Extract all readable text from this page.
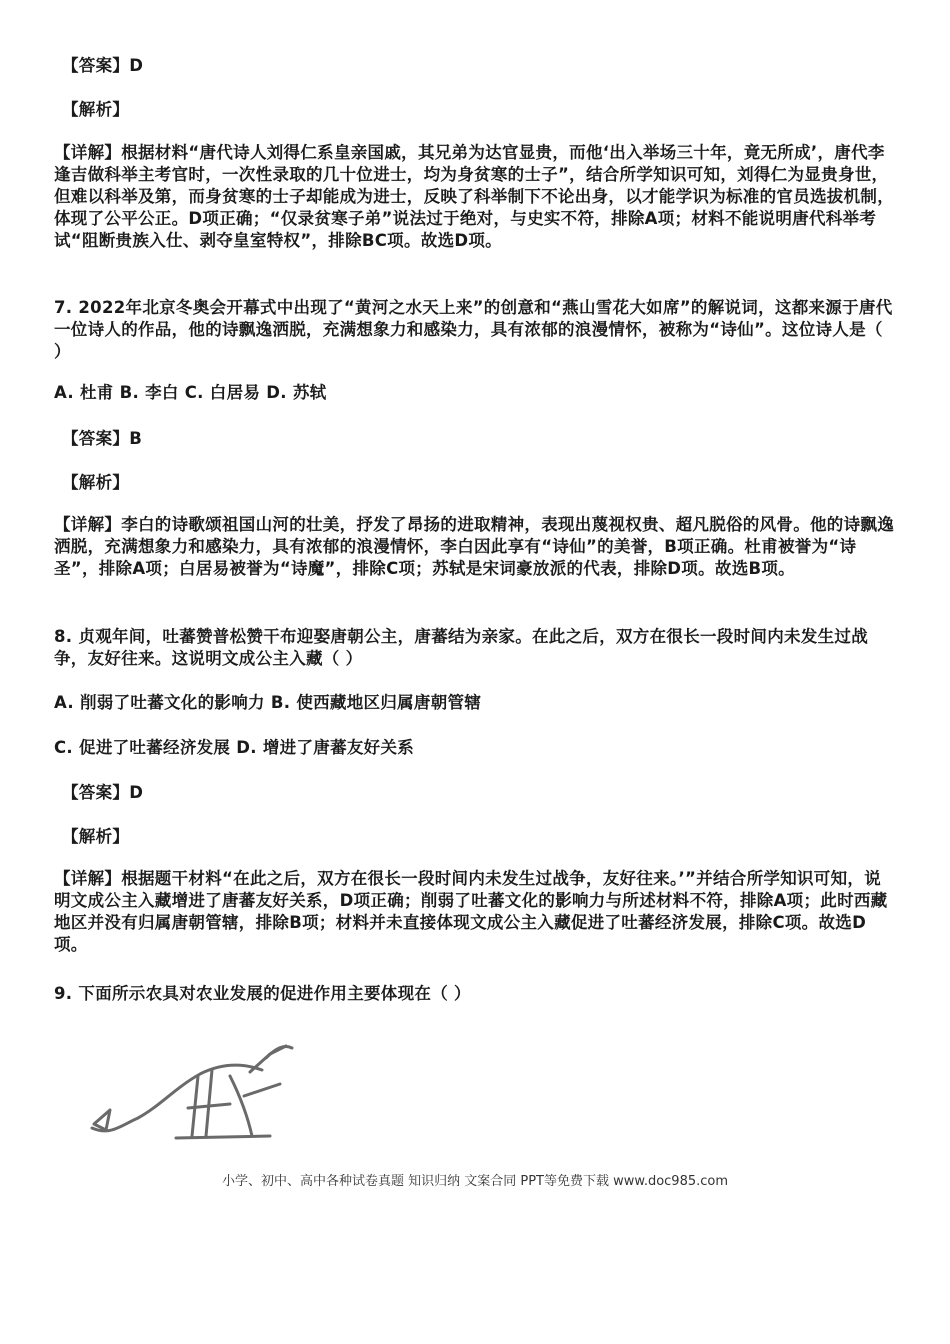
【答案】D

【解析】

【详解】根据材料“唐代诗人刘得仁系皇亲国戚，其兄弟为达官显贵，而他‘出入举场三十年，竟无所成’，唐代李逢吉做科举主考官时，一次性录取的几十位进士，均为身贫寒的士子”，结合所学知识可知，刘得仁为显贵身世，但难以科举及第，而身贫寒的士子却能成为进士，反映了科举制下不论出身，以才能学识为标准的官员选拔机制，体现了公平公正。D项正确；“仅录贫寒子弟”说法过于绝对，与史实不符，排除A项；材料不能说明唐代科举考试“阻断贵族入仕、剥夺皇室特权”，排除BC项。故选D项。

7. 2022年北京冬奥会开幕式中出现了“黄河之水天上来”的创意和“燕山雪花大如席”的解说词，这都来源于唐代一位诗人的作品，他的诗飘逸洒脱，充满想象力和感染力，具有浓郁的浪漫情怀，被称为“诗仙”。这位诗人是（ ）

A. 杜甫 B. 李白 C. 白居易 D. 苏轼

【答案】B

【解析】

【详解】李白的诗歌颂祖国山河的壮美，抒发了昂扬的进取精神，表现出蔑视权贵、超凡脱俗的风骨。他的诗飘逸洒脱，充满想象力和感染力，具有浓郁的浪漫情怀，李白因此享有“诗仙”的美誉，B项正确。杜甫被誉为“诗圣”，排除A项；白居易被誉为“诗魔”，排除C项；苏轼是宋词豪放派的代表，排除D项。故选B项。

8. 贞观年间，吐蕃赞普松赞干布迎娶唐朝公主，唐蕃结为亲家。在此之后，双方在很长一段时间内未发生过战争，友好往来。这说明文成公主入藏（ ）

A. 削弱了吐蕃文化的影响力 B. 使西藏地区归属唐朝管辖

C. 促进了吐蕃经济发展 D. 增进了唐蕃友好关系

【答案】D

【解析】

【详解】根据题干材料“在此之后，双方在很长一段时间内未发生过战争，友好往来。’”并结合所学知识可知，说明文成公主入藏增进了唐蕃友好关系，D项正确；削弱了吐蕃文化的影响力与所述材料不符，排除A项；此时西藏地区并没有归属唐朝管辖，排除B项；材料并未直接体现文成公主入藏促进了吐蕃经济发展，排除C项。故选D项。

9. 下面所示农具对农业发展的促进作用主要体现在（ ）

小学、初中、高中各种试卷真题 知识归纳 文案合同 PPT等免费下载 www.doc985.com
